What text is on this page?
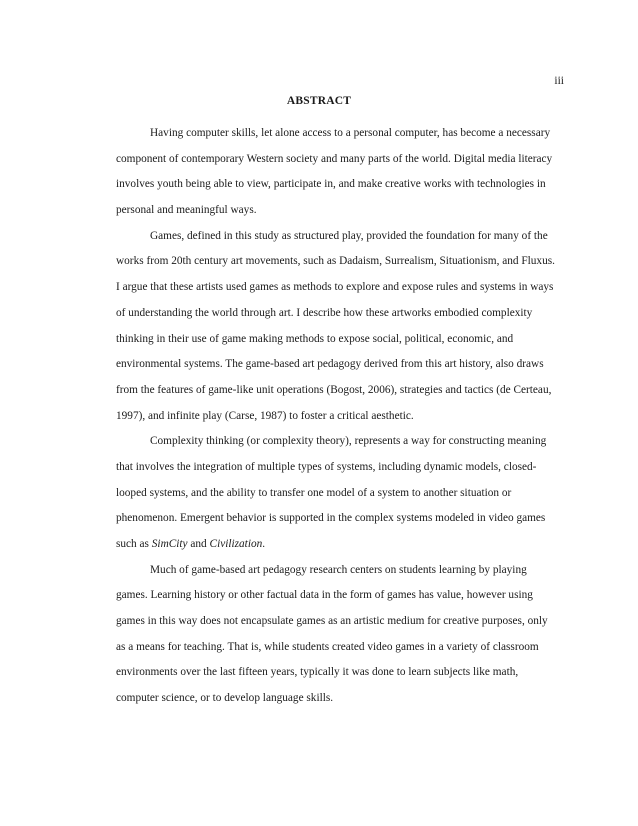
iii
ABSTRACT
Having computer skills, let alone access to a personal computer, has become a necessary
component of contemporary Western society and many parts of the world. Digital media literacy
involves youth being able to view, participate in, and make creative works with technologies in
personal and meaningful ways.
Games, defined in this study as structured play, provided the foundation for many of the
works from 20th century art movements, such as Dadaism, Surrealism, Situationism, and Fluxus.
I argue that these artists used games as methods to explore and expose rules and systems in ways
of understanding the world through art. I describe how these artworks embodied complexity
thinking in their use of game making methods to expose social, political, economic, and
environmental systems. The game-based art pedagogy derived from this art history, also draws
from the features of game-like unit operations (Bogost, 2006), strategies and tactics (de Certeau,
1997), and infinite play (Carse, 1987) to foster a critical aesthetic.
Complexity thinking (or complexity theory), represents a way for constructing meaning
that involves the integration of multiple types of systems, including dynamic models, closed-
looped systems, and the ability to transfer one model of a system to another situation or
phenomenon. Emergent behavior is supported in the complex systems modeled in video games
such as SimCity and Civilization.
Much of game-based art pedagogy research centers on students learning by playing
games. Learning history or other factual data in the form of games has value, however using
games in this way does not encapsulate games as an artistic medium for creative purposes, only
as a means for teaching. That is, while students created video games in a variety of classroom
environments over the last fifteen years, typically it was done to learn subjects like math,
computer science, or to develop language skills.
